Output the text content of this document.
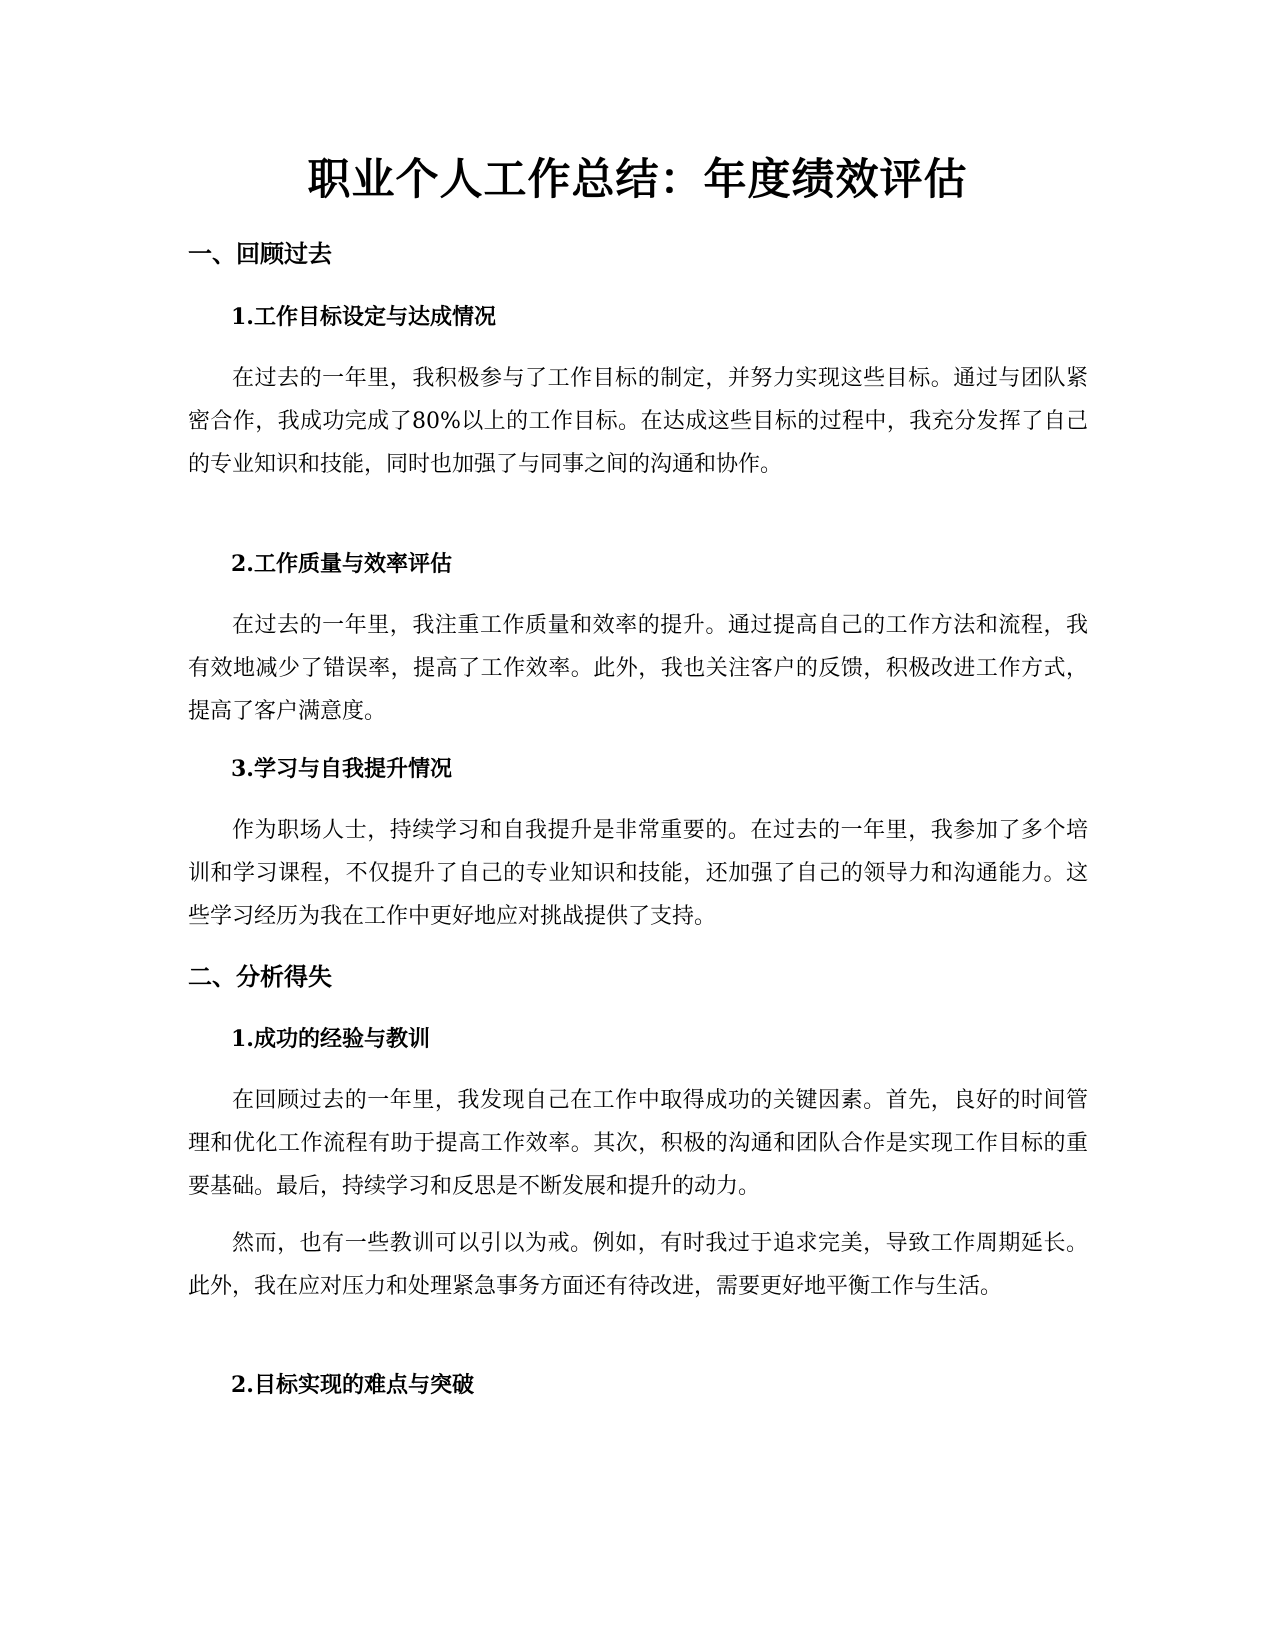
职业个人工作总结：年度绩效评估
一、回顾过去
1.工作目标设定与达成情况

在过去的一年里，我积极参与了工作目标的制定，并努力实现这些目标。通过与团队紧密合作，我成功完成了80%以上的工作目标。在达成这些目标的过程中，我充分发挥了自己的专业知识和技能，同时也加强了与同事之间的沟通和协作。

2.工作质量与效率评估

在过去的一年里，我注重工作质量和效率的提升。通过提高自己的工作方法和流程，我有效地减少了错误率，提高了工作效率。此外，我也关注客户的反馈，积极改进工作方式，提高了客户满意度。

3.学习与自我提升情况

作为职场人士，持续学习和自我提升是非常重要的。在过去的一年里，我参加了多个培训和学习课程，不仅提升了自己的专业知识和技能，还加强了自己的领导力和沟通能力。这些学习经历为我在工作中更好地应对挑战提供了支持。

二、分析得失
1.成功的经验与教训

在回顾过去的一年里，我发现自己在工作中取得成功的关键因素。首先，良好的时间管理和优化工作流程有助于提高工作效率。其次，积极的沟通和团队合作是实现工作目标的重要基础。最后，持续学习和反思是不断发展和提升的动力。

然而，也有一些教训可以引以为戒。例如，有时我过于追求完美，导致工作周期延长。此外，我在应对压力和处理紧急事务方面还有待改进，需要更好地平衡工作与生活。

2.目标实现的难点与突破
